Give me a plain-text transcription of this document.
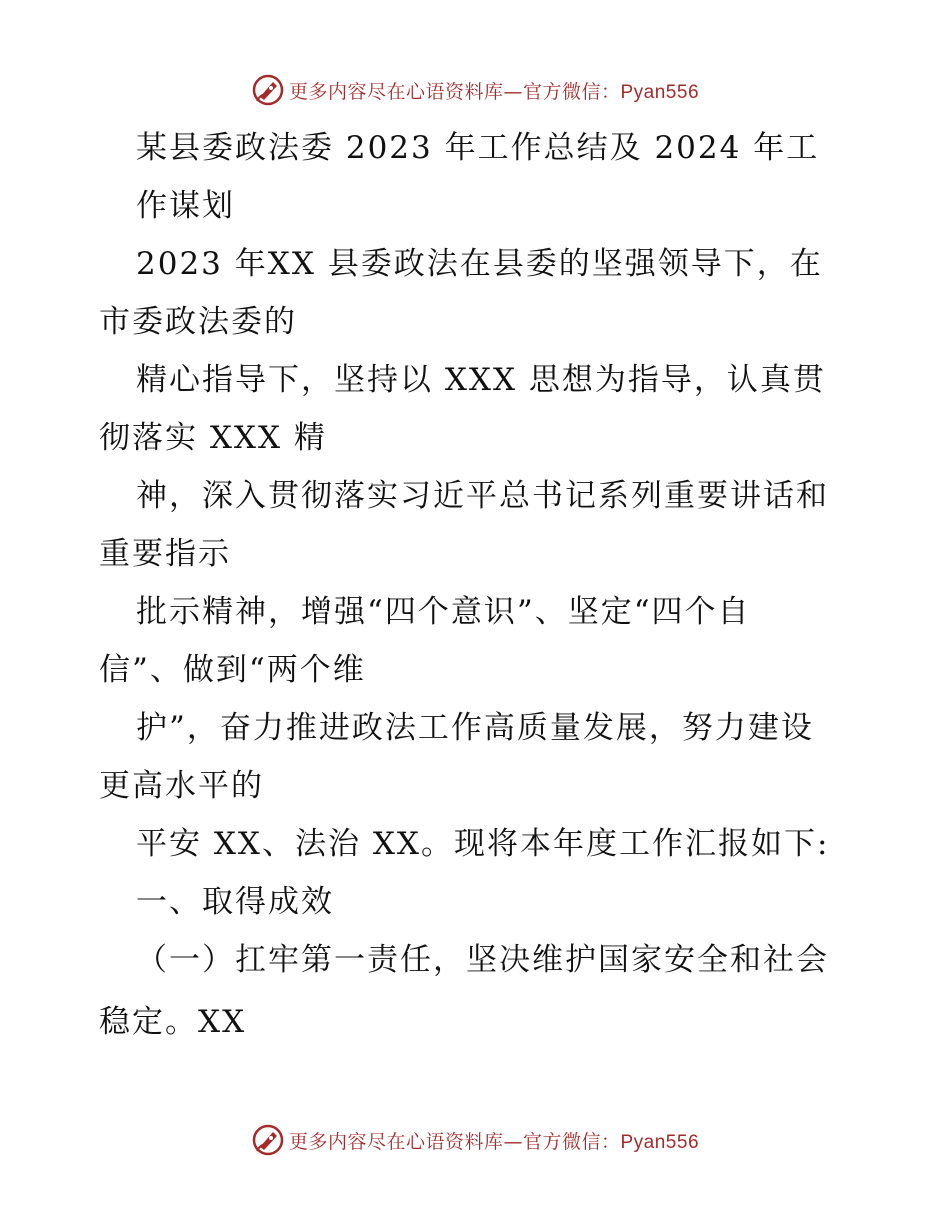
更多内容尽在心语资料库—官方微信：Pyan556
某县委政法委 2023 年工作总结及 2024 年工
作谋划
2023 年XX 县委政法在县委的坚强领导下，在
市委政法委的
精心指导下，坚持以 XXX 思想为指导，认真贯
彻落实 XXX 精
神，深入贯彻落实习近平总书记系列重要讲话和
重要指示
批示精神，增强“四个意识”、坚定“四个自
信”、做到“两个维
护”，奋力推进政法工作高质量发展，努力建设
更高水平的
平安 XX、法治 XX。现将本年度工作汇报如下:
一、取得成效
（一）扛牢第一责任，坚决维护国家安全和社会
稳定。XX
更多内容尽在心语资料库—官方微信：Pyan556
